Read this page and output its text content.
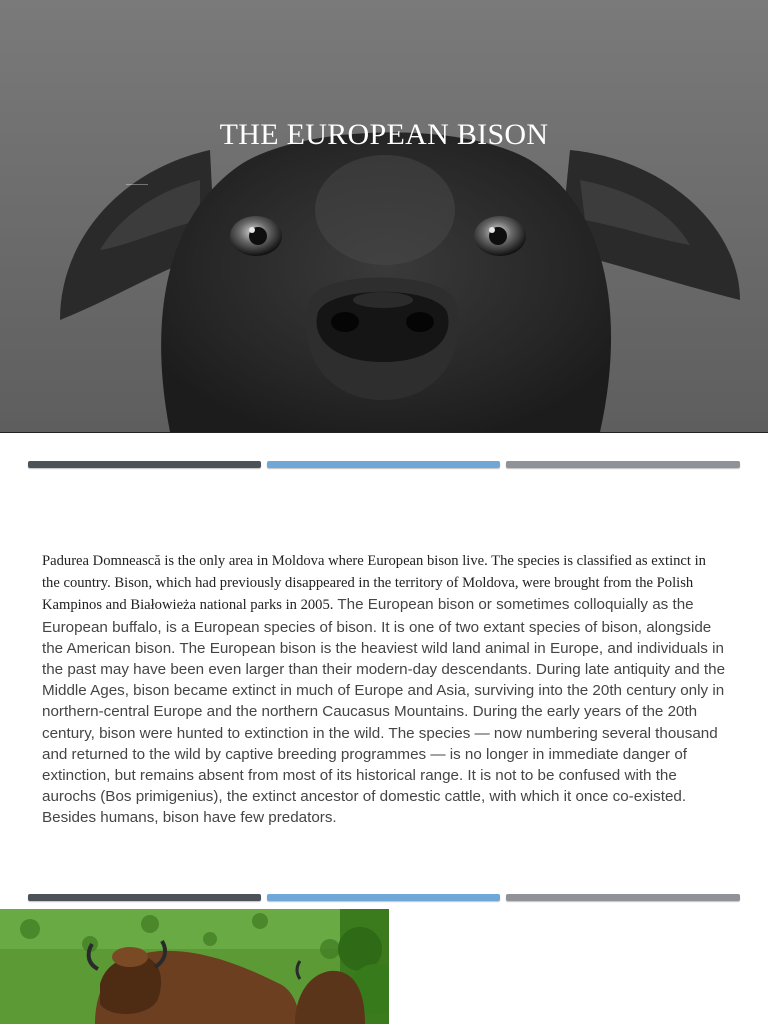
THE EUROPEAN BISON
Padurea Domnească is the only area in Moldova where European bison live. The species is classified as extinct in the country. Bison, which had previously disappeared in the territory of Moldova, were brought from the Polish Kampinos and Białowieża national parks in 2005. The European bison or sometimes colloquially as the European buffalo, is a European species of bison. It is one of two extant species of bison, alongside the American bison. The European bison is the heaviest wild land animal in Europe, and individuals in the past may have been even larger than their modern-day descendants. During late antiquity and the Middle Ages, bison became extinct in much of Europe and Asia, surviving into the 20th century only in northern-central Europe and the northern Caucasus Mountains. During the early years of the 20th century, bison were hunted to extinction in the wild. The species — now numbering several thousand and returned to the wild by captive breeding programmes — is no longer in immediate danger of extinction, but remains absent from most of its historical range. It is not to be confused with the aurochs (Bos primigenius), the extinct ancestor of domestic cattle, with which it once co-existed. Besides humans, bison have few predators.
